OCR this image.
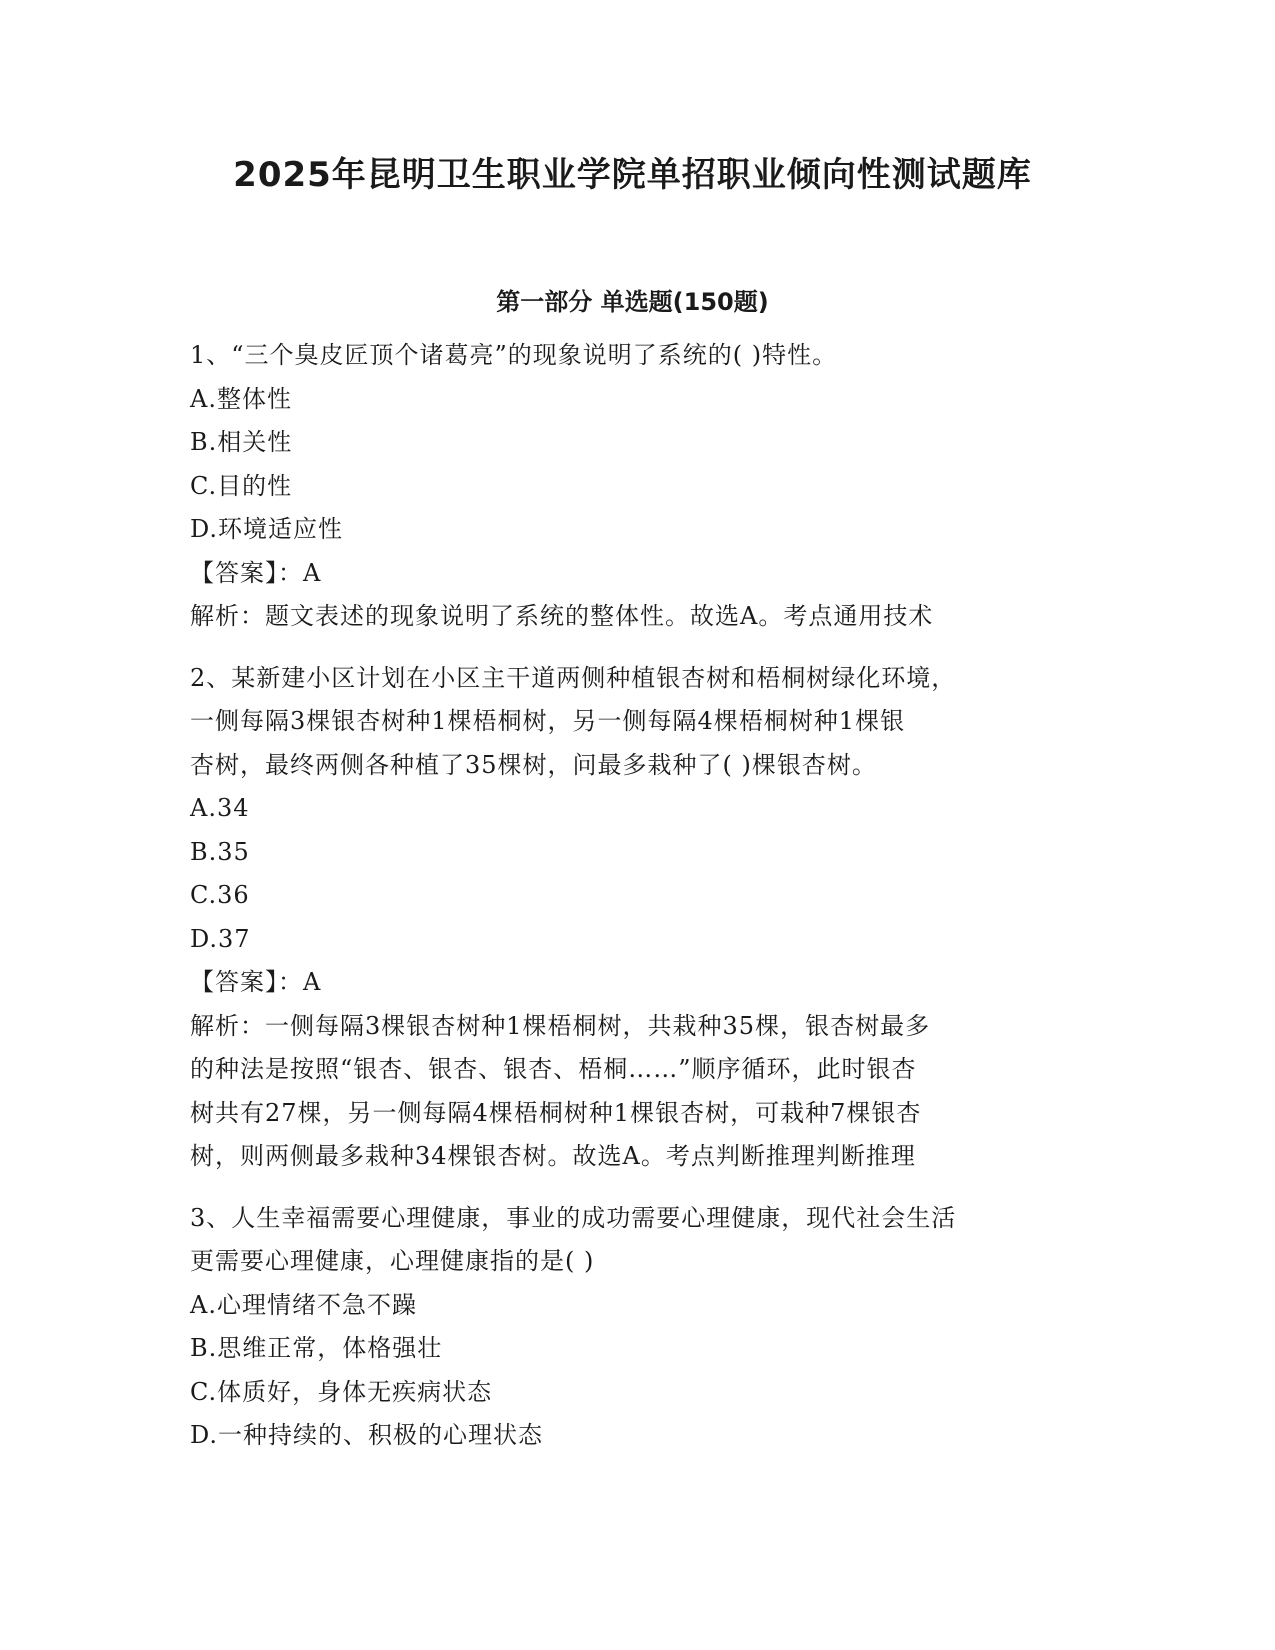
2025年昆明卫生职业学院单招职业倾向性测试题库
第一部分 单选题(150题)

1、“三个臭皮匠顶个诸葛亮”的现象说明了系统的( )特性。

A.整体性

B.相关性

C.目的性

D.环境适应性

【答案】：A

解析：题文表述的现象说明了系统的整体性。故选A。考点通用技术

2、某新建小区计划在小区主干道两侧种植银杏树和梧桐树绿化环境，

一侧每隔3棵银杏树种1棵梧桐树，另一侧每隔4棵梧桐树种1棵银

杏树，最终两侧各种植了35棵树，问最多栽种了( )棵银杏树。

A.34

B.35

C.36

D.37

【答案】：A

解析：一侧每隔3棵银杏树种1棵梧桐树，共栽种35棵，银杏树最多

的种法是按照“银杏、银杏、银杏、梧桐……”顺序循环，此时银杏

树共有27棵，另一侧每隔4棵梧桐树种1棵银杏树，可栽种7棵银杏

树，则两侧最多栽种34棵银杏树。故选A。考点判断推理判断推理

3、人生幸福需要心理健康，事业的成功需要心理健康，现代社会生活

更需要心理健康，心理健康指的是( )

A.心理情绪不急不躁

B.思维正常，体格强壮

C.体质好，身体无疾病状态

D.一种持续的、积极的心理状态
